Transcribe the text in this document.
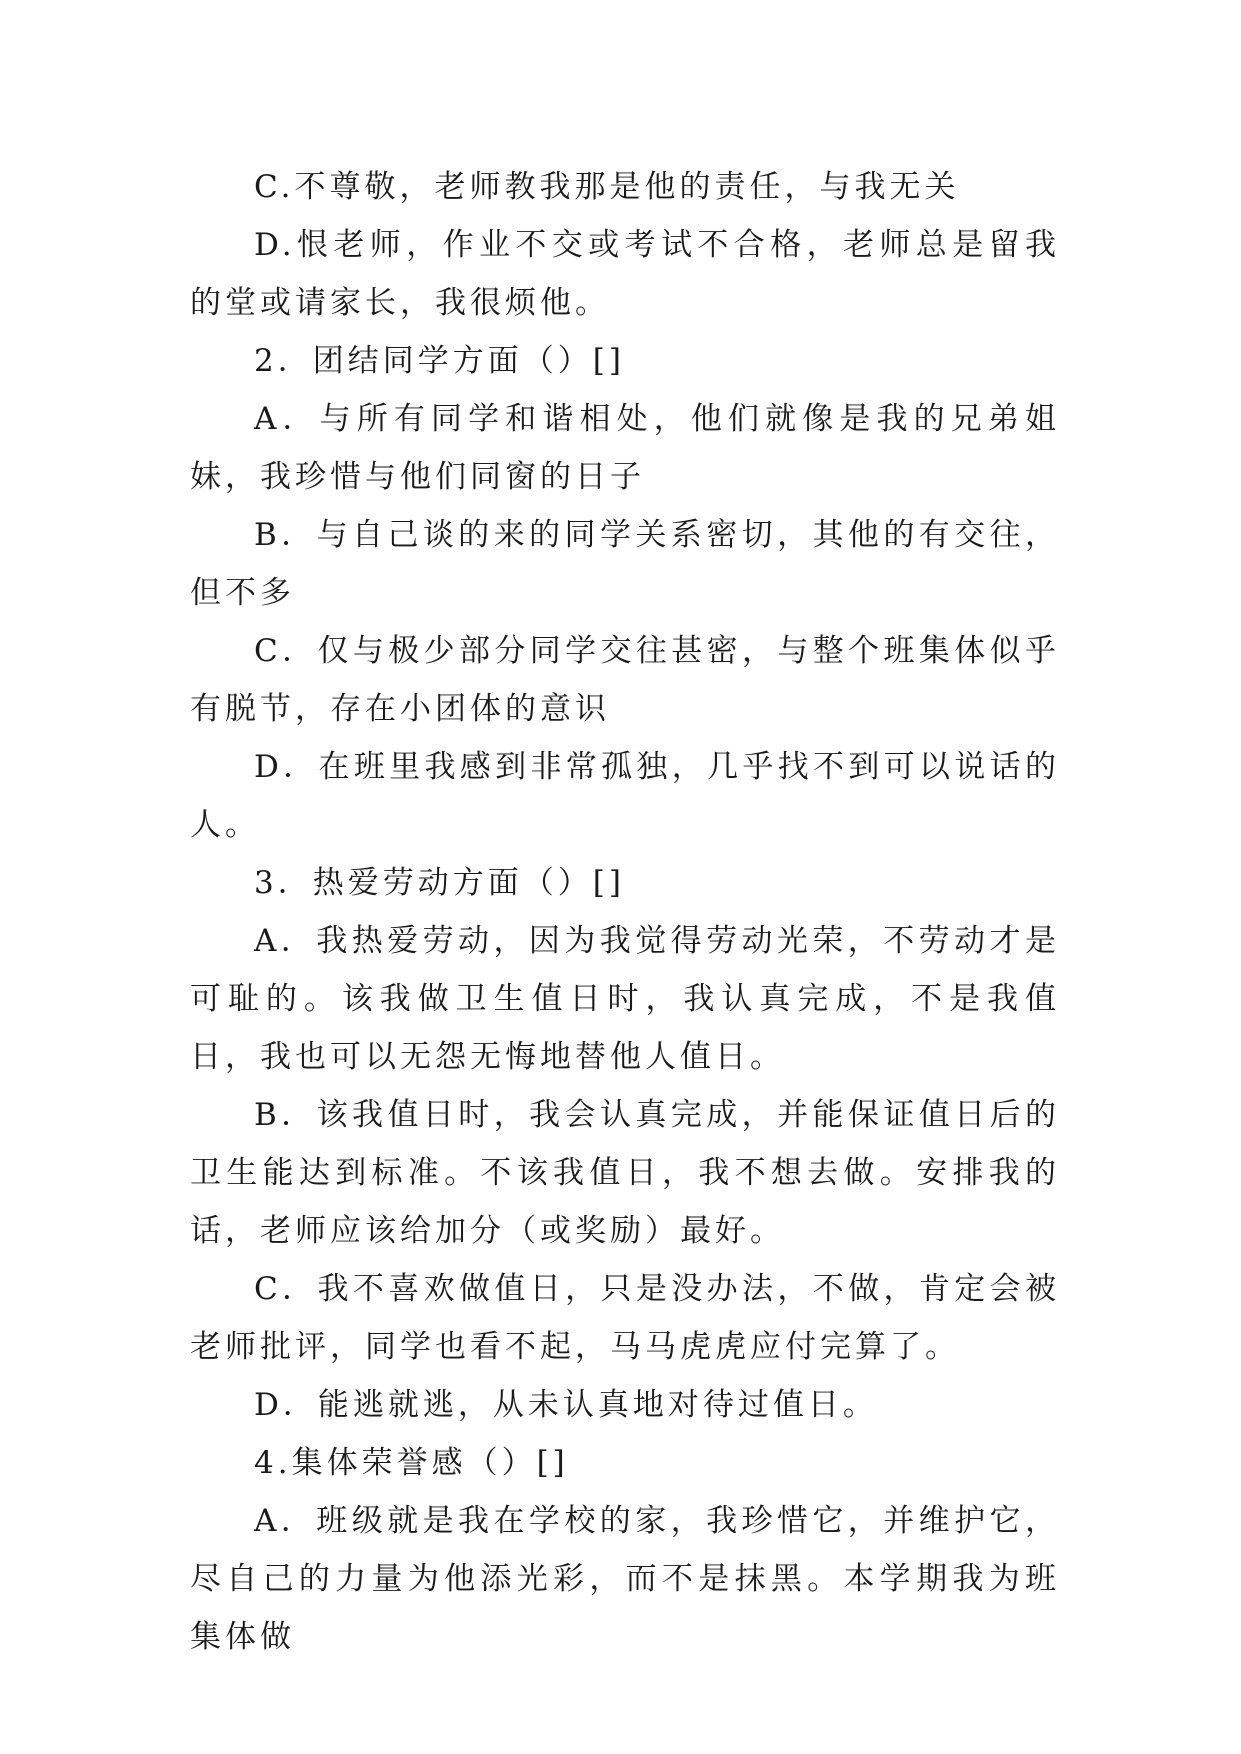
C.不尊敬，老师教我那是他的责任，与我无关

D.恨老师，作业不交或考试不合格，老师总是留我的堂或请家长，我很烦他。

2．团结同学方面（）[]

A．与所有同学和谐相处，他们就像是我的兄弟姐妹，我珍惜与他们同窗的日子

B．与自己谈的来的同学关系密切，其他的有交往，但不多

C．仅与极少部分同学交往甚密，与整个班集体似乎有脱节，存在小团体的意识

D．在班里我感到非常孤独，几乎找不到可以说话的人。

3．热爱劳动方面（）[]

A．我热爱劳动，因为我觉得劳动光荣，不劳动才是可耻的。该我做卫生值日时，我认真完成，不是我值日，我也可以无怨无悔地替他人值日。

B．该我值日时，我会认真完成，并能保证值日后的卫生能达到标准。不该我值日，我不想去做。安排我的话，老师应该给加分（或奖励）最好。

C．我不喜欢做值日，只是没办法，不做，肯定会被老师批评，同学也看不起，马马虎虎应付完算了。

D．能逃就逃，从未认真地对待过值日。

4.集体荣誉感（）[]

A．班级就是我在学校的家，我珍惜它，并维护它，尽自己的力量为他添光彩，而不是抹黑。本学期我为班集体做
